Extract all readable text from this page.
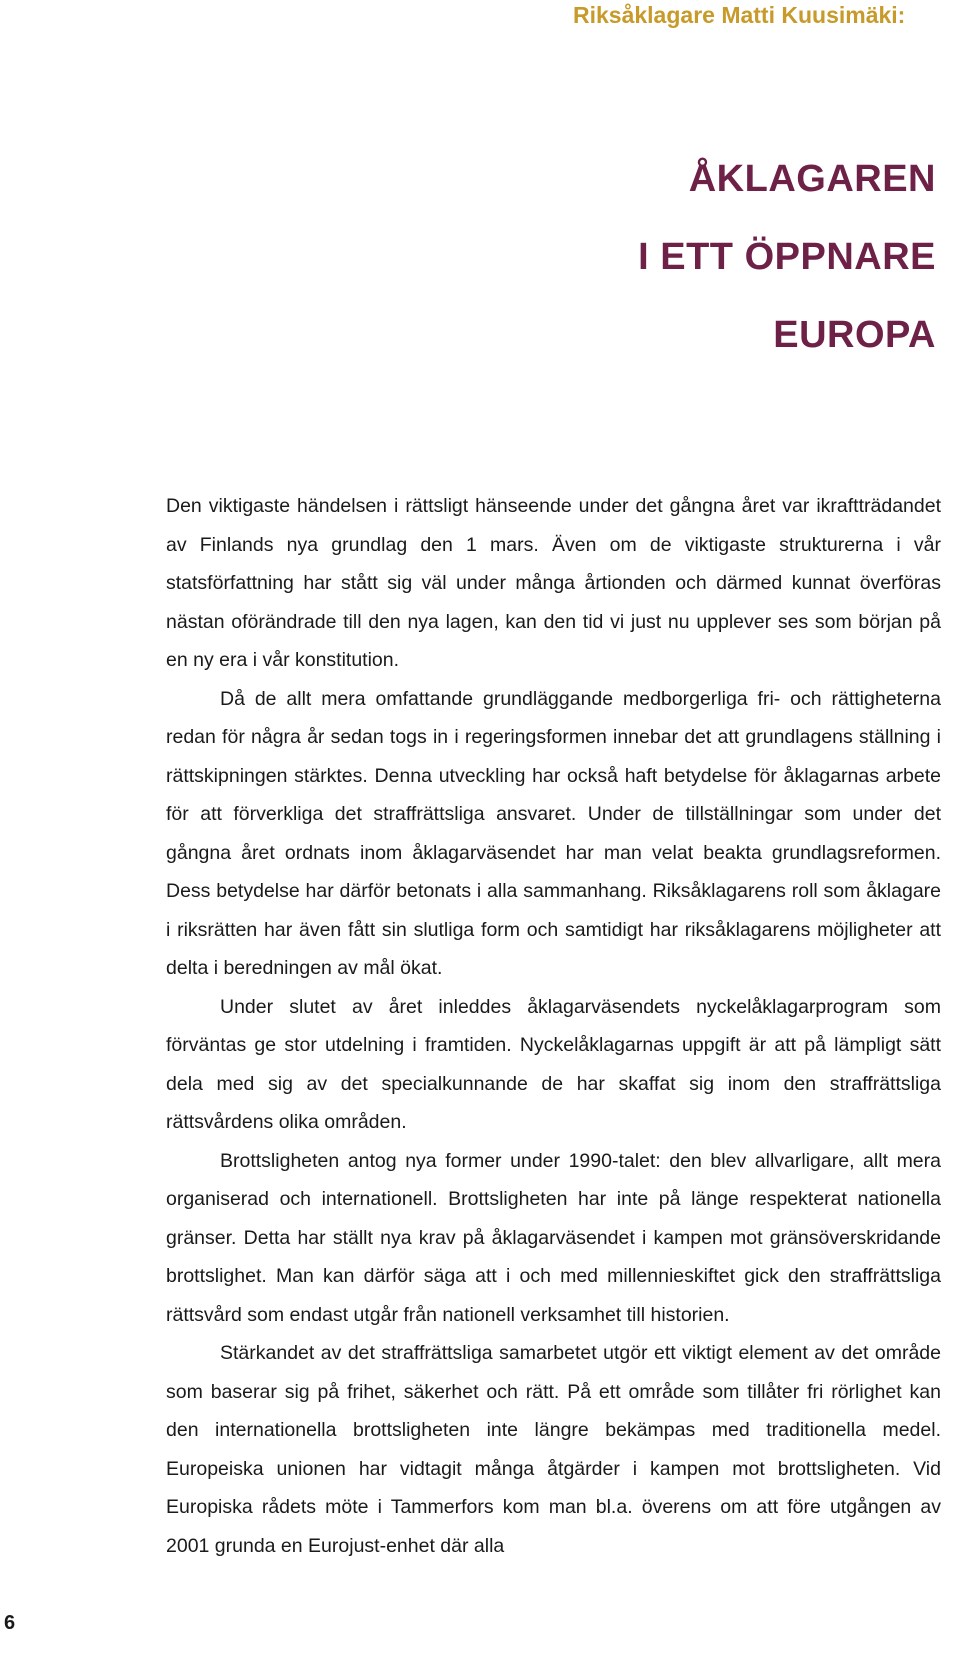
Riksåklagare Matti Kuusimäki:
ÅKLAGAREN
I ETT ÖPPNARE
EUROPA

Den viktigaste händelsen i rättsligt hänseende under det gångna året var ikraftträdandet av Finlands nya grundlag den 1 mars. Även om de viktigaste strukturerna i vår statsförfattning har stått sig väl under många årtionden och därmed kunnat överföras nästan oförändrade till den nya lagen, kan den tid vi just nu upplever ses som början på en ny era i vår konstitution.

Då de allt mera omfattande grundläggande medborgerliga fri- och rättigheterna redan för några år sedan togs in i regeringsformen innebar det att grundlagens ställning i rättskipningen stärktes. Denna utveckling har också haft betydelse för åklagarnas arbete för att förverkliga det straffrättsliga ansvaret. Under de tillställningar som under det gångna året ordnats inom åklagarväsendet har man velat beakta grundlagsreformen. Dess betydelse har därför betonats i alla sammanhang. Riksåklagarens roll som åklagare i riksrätten har även fått sin slutliga form och samtidigt har riksåklagarens möjligheter att delta i beredningen av mål ökat.

Under slutet av året inleddes åklagarväsendets nyckelåklagarprogram som förväntas ge stor utdelning i framtiden. Nyckelåklagarnas uppgift är att på lämpligt sätt dela med sig av det specialkunnande de har skaffat sig inom den straffrättsliga rättsvårdens olika områden.

Brottsligheten antog nya former under 1990-talet: den blev allvarligare, allt mera organiserad och internationell. Brottsligheten har inte på länge respekterat nationella gränser. Detta har ställt nya krav på åklagarväsendet i kampen mot gränsöverskridande brottslighet. Man kan därför säga att i och med millennieskiftet gick den straffrättsliga rättsvård som endast utgår från nationell verksamhet till historien.

Stärkandet av det straffrättsliga samarbetet utgör ett viktigt element av det område som baserar sig på frihet, säkerhet och rätt. På ett område som tillåter fri rörlighet kan den internationella brottsligheten inte längre bekämpas med traditionella medel. Europeiska unionen har vidtagit många åtgärder i kampen mot brottsligheten. Vid Europiska rådets möte i Tammerfors kom man bl.a. överens om att före utgången av 2001 grunda en Eurojust-enhet där alla

6
